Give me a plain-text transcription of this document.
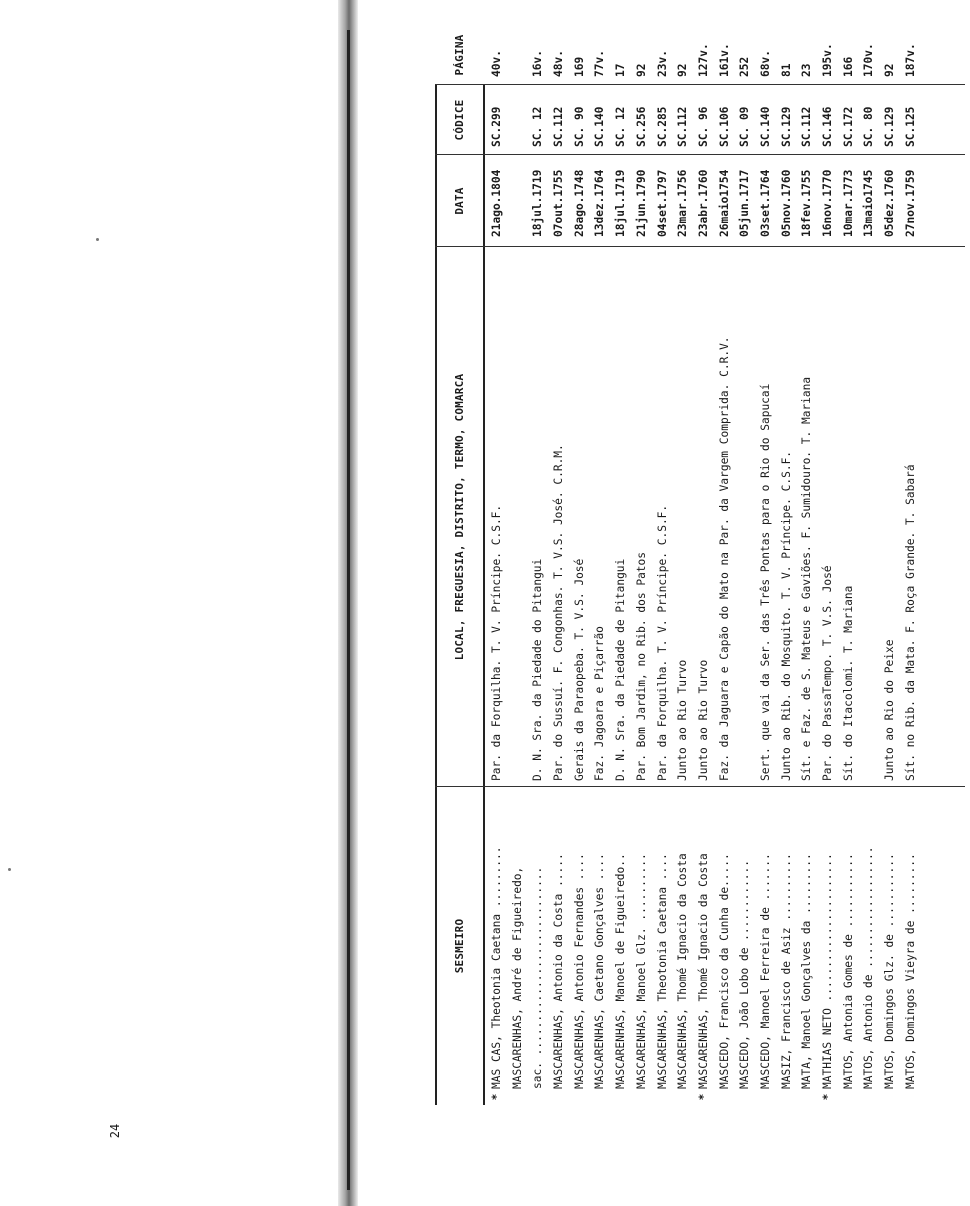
24
SESMEIRO
LOCAL, FREGUESIA, DISTRITO, TERMO, COMARCA
DATA
CÓDICE
PÁGINA
*
MAS CAS, Theotonia Caetana .........
Par. da Forquilha. T. V. Príncipe. C.S.F.
21ago.1804
SC.299
40v.
MASCARENHAS, André de Figueiredo, sac. ............................
D. N. Sra. da Piedade do Pitangui
18jul.1719
SC. 12
16v.
MASCARENHAS, Antonio da Costa .....
Par. do Sussuí. F. Congonhas. T. V.S. José. C.R.M.
07out.1755
SC.112
48v.
MASCARENHAS, Antonio Fernandes ....
Gerais da Paraopeba. T. V.S. José
28ago.1748
SC. 90
169
MASCARENHAS, Caetano Gonçalves ....
Faz. Jagoara e Piçarrão
13dez.1764
SC.140
77v.
MASCARENHAS, Manoel de Figueiredo..
D. N. Sra. da Piedade de Pitangui
18jul.1719
SC. 12
17
MASCARENHAS, Manoel Glz. ..........
Par. Bom Jardim, no Rib. dos Patos
21jun.1790
SC.256
92
MASCARENHAS, Theotonia Caetana ....
Par. da Forquilha. T. V. Príncipe. C.S.F.
04set.1797
SC.285
23v.
MASCARENHAS, Thomé Ignacio da Costa
Junto ao Rio Turvo
23mar.1756
SC.112
92
*
MASCARENHAS, Thomé Ignacio da Costa
Junto ao Rio Turvo
23abr.1760
SC. 96
127v.
MASCEDO, Francisco da Cunha de.....
Faz. da Jaguara e Capão do Mato na Par. da Vargem Comprida. C.R.V.
26maio1754
SC.106
161v.
MASCEDO, João Lobo de ............
05jun.1717
SC. 09
252
MASCEDO, Manoel Ferreira de .......
Sert. que vai da Ser. das Três Pontas para o Rio do Sapucaí
03set.1764
SC.140
68v.
MASIZ, Francisco de Asiz ..........
Junto ao Rib. do Mosquito. T. V. Príncipe. C.S.F.
05nov.1760
SC.129
81
MATA, Manoel Gonçalves da .........
Sít. e Faz. de S. Mateus e Gaviões. F. Sumidouro. T. Mariana
18fev.1755
SC.112
23
*
MATHIAS NETO ......................
Par. do PassaTempo. T. V.S. José
16nov.1770
SC.146
195v.
MATOS, Antonia Gomes de ...........
Sít. do Itacolomi. T. Mariana
10mar.1773
SC.172
166
MATOS, Antonio de ..................
13maio1745
SC. 80
170v.
MATOS, Domingos Glz. de ...........
Junto ao Rio do Peixe
05dez.1760
SC.129
92
MATOS, Domingos Vieyra de .........
Sít. no Rib. da Mata. F. Roça Grande. T. Sabará
27nov.1759
SC.125
187v.
